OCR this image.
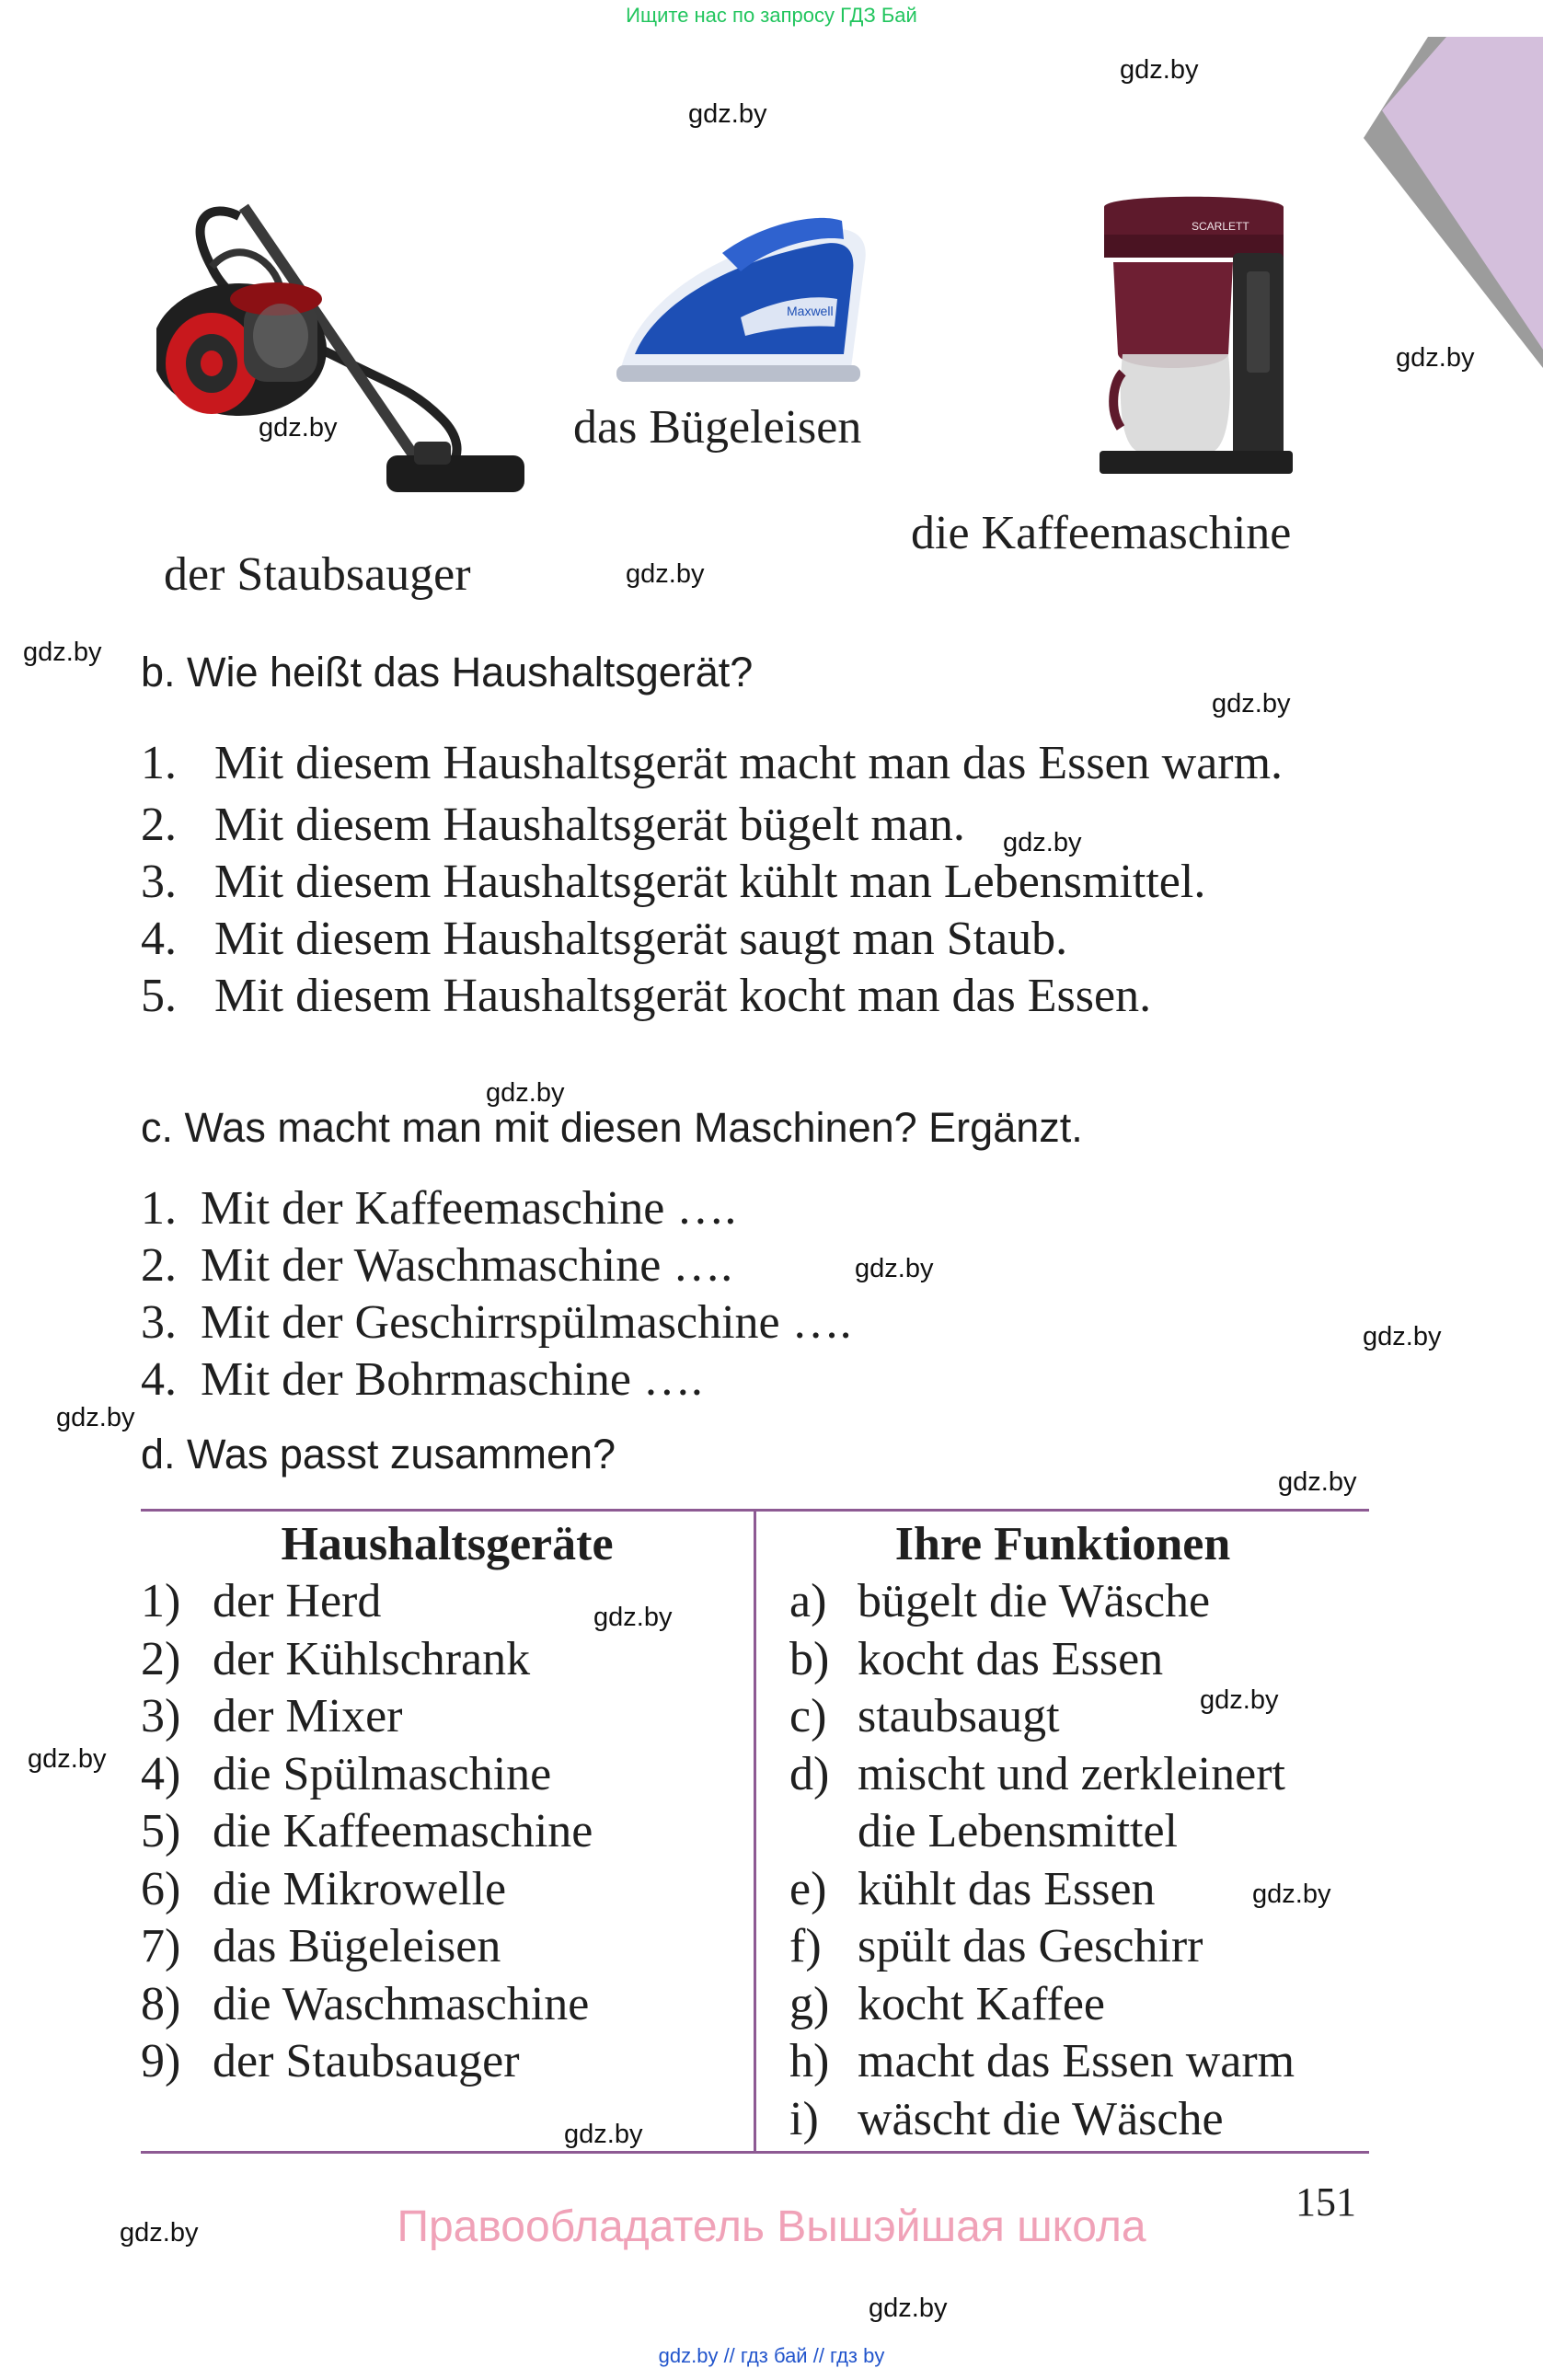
Ищите нас по запросу ГДЗ Бай
Maxwell
SCARLETT
der Staubsauger
das Bügeleisen
die Kaffeemaschine
b. Wie heißt das Haushaltsgerät?
1. Mit diesem Haushaltsgerät macht man das Essen warm.
2. Mit diesem Haushaltsgerät bügelt man.
3. Mit diesem Haushaltsgerät kühlt man Lebensmittel.
4. Mit diesem Haushaltsgerät saugt man Staub.
5. Mit diesem Haushaltsgerät kocht man das Essen.
c. Was macht man mit diesen Maschinen? Ergänzt.
1. Mit der Kaffeemaschine ….
2. Mit der Waschmaschine ….
3. Mit der Geschirrspülmaschine ….
4. Mit der Bohrmaschine ….
d. Was passt zusammen?
Haushaltsgeräte
1) der Herd
2) der Kühlschrank
3) der Mixer
4) die Spülmaschine
5) die Kaffeemaschine
6) die Mikrowelle
7) das Bügeleisen
8) die Waschmaschine
9) der Staubsauger
Ihre Funktionen
a) bügelt die Wäsche
b) kocht das Essen
c) staubsaugt
d) mischt und zerkleinert
die Lebensmittel
e) kühlt das Essen
f) spült das Geschirr
g) kocht Kaffee
h) macht das Essen warm
i) wäscht die Wäsche
151
Правообладатель Вышэйшая школа
gdz.by // гдз бай // гдз by
gdz.by
gdz.by
gdz.by
gdz.by
gdz.by
gdz.by
gdz.by
gdz.by
gdz.by
gdz.by
gdz.by
gdz.by
gdz.by
gdz.by
gdz.by
gdz.by
gdz.by
gdz.by
gdz.by
gdz.by
